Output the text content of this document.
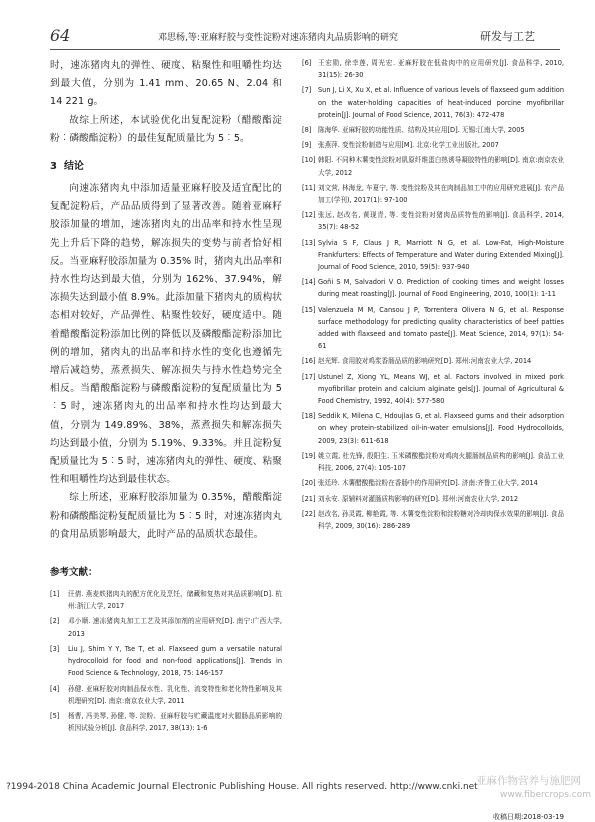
64	邓思杨,等:亚麻籽胶与变性淀粉对速冻猪肉丸品质影响的研究	研发与工艺

时，速冻猪肉丸的弹性、硬度、粘聚性和咀嚼性均达到最大值，分别为 1.41 mm、20.65 N、2.04 和 14 221 g。

故综上所述，本试验优化出复配淀粉（醋酸酯淀粉︰磷酸酯淀粉）的最佳复配质量比为 5︰5。

3 结论

向速冻猪肉丸中添加适量亚麻籽胶及适宜配比的复配淀粉后，产品品质得到了显著改善。随着亚麻籽胶添加量的增加，速冻猪肉丸的出品率和持水性呈现先上升后下降的趋势，解冻损失的变势与前者恰好相反。当亚麻籽胶添加量为 0.35% 时，猪肉丸出品率和持水性均达到最大值，分别为 162%、37.94%，解冻损失达到最小值 8.9%。此添加量下猪肉丸的质构状态相对较好，产品弹性、粘聚性较好，硬度适中。随着醋酸酯淀粉添加比例的降低以及磷酸酯淀粉添加比例的增加，猪肉丸的出品率和持水性的变化也遵循先增后减趋势，蒸煮损失、解冻损失与持水性趋势完全相反。当醋酸酯淀粉与磷酸酯淀粉的复配质量比为 5︰5 时，速冻猪肉丸的出品率和持水性均达到最大值，分别为 149.89%、38%，蒸煮损失和解冻损失均达到最小值，分别为 5.19%、9.33%。并且淀粉复配质量比为 5︰5 时，速冻猪肉丸的弹性、硬度、粘聚性和咀嚼性均达到最佳状态。

综上所述，亚麻籽胶添加量为 0.35%，醋酸酯淀粉和磷酸酯淀粉复配质量比为 5︰5 时，对速冻猪肉丸的食用品质影响最大，此时产品的品质状态最佳。

参考文献：
[1]	汪倩. 燕麦麸猪肉丸的配方优化及烹饪、储藏和复热对其品质影响[D]. 杭州:浙江大学, 2017
[2]	邓小顺. 速冻猪肉丸加工工艺及其添加剂的应用研究[D]. 南宁:广西大学, 2013
[3]	Liu J, Shim Y Y, Tse T, et al. Flaxseed gum a versatile natural hydrocolloid for food and non-food applications[J]. Trends in Food Science & Technology, 2018, 75: 146-157
[4]	孙健. 亚麻籽胶对肉制品保水性、乳化性、流变特性和老化特性影响及其机理研究[D]. 南京:南京农业大学, 2011
[5]	杨曹, 冯美琴, 孙健, 等. 淀粉、亚麻籽胶与贮藏温度对火腿肠品质影响的析因试验分析[J]. 食品科学, 2017, 38(13): 1-6
[6]	王宏勋, 徐幸莲, 周光宏. 亚麻籽胶在低盐肉中的应用研究[J]. 食品科学, 2010, 31(15): 26-30
[7]	Sun J, Li X, Xu X, et al. Influence of various levels of flaxseed gum addition on the water-holding capacities of heat-induced porcine myofibrillar protein[J]. Journal of Food Science, 2011, 76(3): 472-478
[8]	陈海华. 亚麻籽胶的功能性质、结构及其应用[D]. 无锡:江南大学, 2005
[9]	张燕萍. 变性淀粉制造与应用[M]. 北京:化学工业出版社, 2007
[10] 韩阳. 不同种木薯变性淀粉对肌原纤维蛋白热诱导凝胶特性的影响[D]. 南京:南京农业大学, 2012
[11] 刘文营, 林海龙, 车夏宁, 等. 变性淀粉及其在肉制品加工中的应用研究进展[J]. 农产品加工(学刊), 2017(1): 97-100
[12] 张远, 赵改名, 黄现青, 等. 变性淀粉对猪肉品质特性的影响[J]. 食品科学, 2014, 35(7): 48-52
[13] Sylvia S F, Claus J R, Marriott N G, et al. Low-Fat, High-Moisture Frankfurters: Effects of Temperature and Water during Extended Mixing[J]. Journal of Food Science, 2010, 59(5): 937-940
[14] Goñi S M, Salvadori V O. Prediction of cooking times and weight losses during meat roasting[J]. Journal of Food Engineering, 2010, 100(1): 1-11
[15] Valenzuela M M, Cansou J P, Torrentera Olivera N G, et al. Response surface methodology for predicting quality characteristics of beef patties added with flaxseed and tomato paste[J]. Meat Science, 2014, 97(1): 54-61
[16] 赵光辉. 食用胶对鸡浆香肠品质的影响研究[D]. 郑州:河南农业大学, 2014
[17] Ustunel Z, Xiong YL, Means WJ, et al. Factors involved in mixed pork myofibrillar protein and calcium alginate gels[J]. Journal of Agricultural & Food Chemistry, 1992, 40(4): 577-580
[18] Seddik K, Milena C, Hdoujlas G, et al. Flaxseed gums and their adsorption on whey protein-stabilized oil-in-water emulsions[J]. Food Hydrocolloids, 2009, 23(3): 611-618
[19] 姚立霞, 杜先锋, 殷阳生. 玉米磷酸酯淀粉对鸡肉火腿肠制品质构的影响[J]. 食品工业科技, 2006, 27(4): 105-107
[20] 张廷玲. 木薯醋酸酯淀粉在香肠中的作用研究[D]. 济南:齐鲁工业大学, 2014
[21] 刘永安. 原辅料对灌肠质构影响的研究[D]. 郑州:河南农业大学, 2012
[22] 赵改名, 孙灵霞, 柳艳霞, 等. 木薯变性淀粉和淀粉糖对冷却肉保水效果的影响[J]. 食品科学, 2009, 30(16): 286-289
收稿日期:2018-03-19
?1994-2018 China Academic Journal Electronic Publishing House. All rights reserved. http://www.cnki.net
亚麻作物营养与施肥网
www.fibercrops.com
